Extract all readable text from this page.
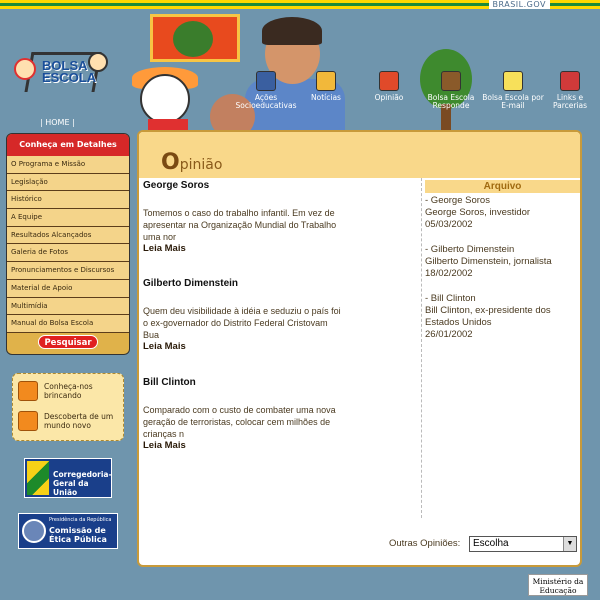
BRASIL.GOV
BOLSA
ESCOLA
Ações Socioeducativas
Notícias	Opinião	Bolsa Escola Responde
Bolsa Escola por E-mail
Links e Parcerias
| HOME |
Conheça em Detalhes
O Programa e Missão
Legislação
Histórico
A Equipe
Resultados Alcançados
Galeria de Fotos
Pronunciamentos e Discursos
Material de Apoio
Multimídia
Manual do Bolsa Escola
Pesquisar
Conheça-nos brincando
Descoberta de um mundo novo
Corregedoria-Geral da União
Presidência da República
Comissão de Ética Pública
Ministério da Educação
Opinião
George Soros
Tomemos o caso do trabalho infantil. Em vez de apresentar na Organização Mundial do Trabalho uma nor
Leia Mais
Gilberto Dimenstein
Quem deu visibilidade à idéia e seduziu o país foi o ex-governador do Distrito Federal Cristovam Bua
Leia Mais
Bill Clinton
Comparado com o custo de combater uma nova geração de terroristas, colocar cem milhões de crianças n
Leia Mais
Arquivo
- George Soros
George Soros, investidor
05/03/2002
- Gilberto Dimenstein
Gilberto Dimenstein, jornalista
18/02/2002
- Bill Clinton
Bill Clinton, ex-presidente dos Estados Unidos
26/01/2002
Outras Opiniões:	Escolha	▼
